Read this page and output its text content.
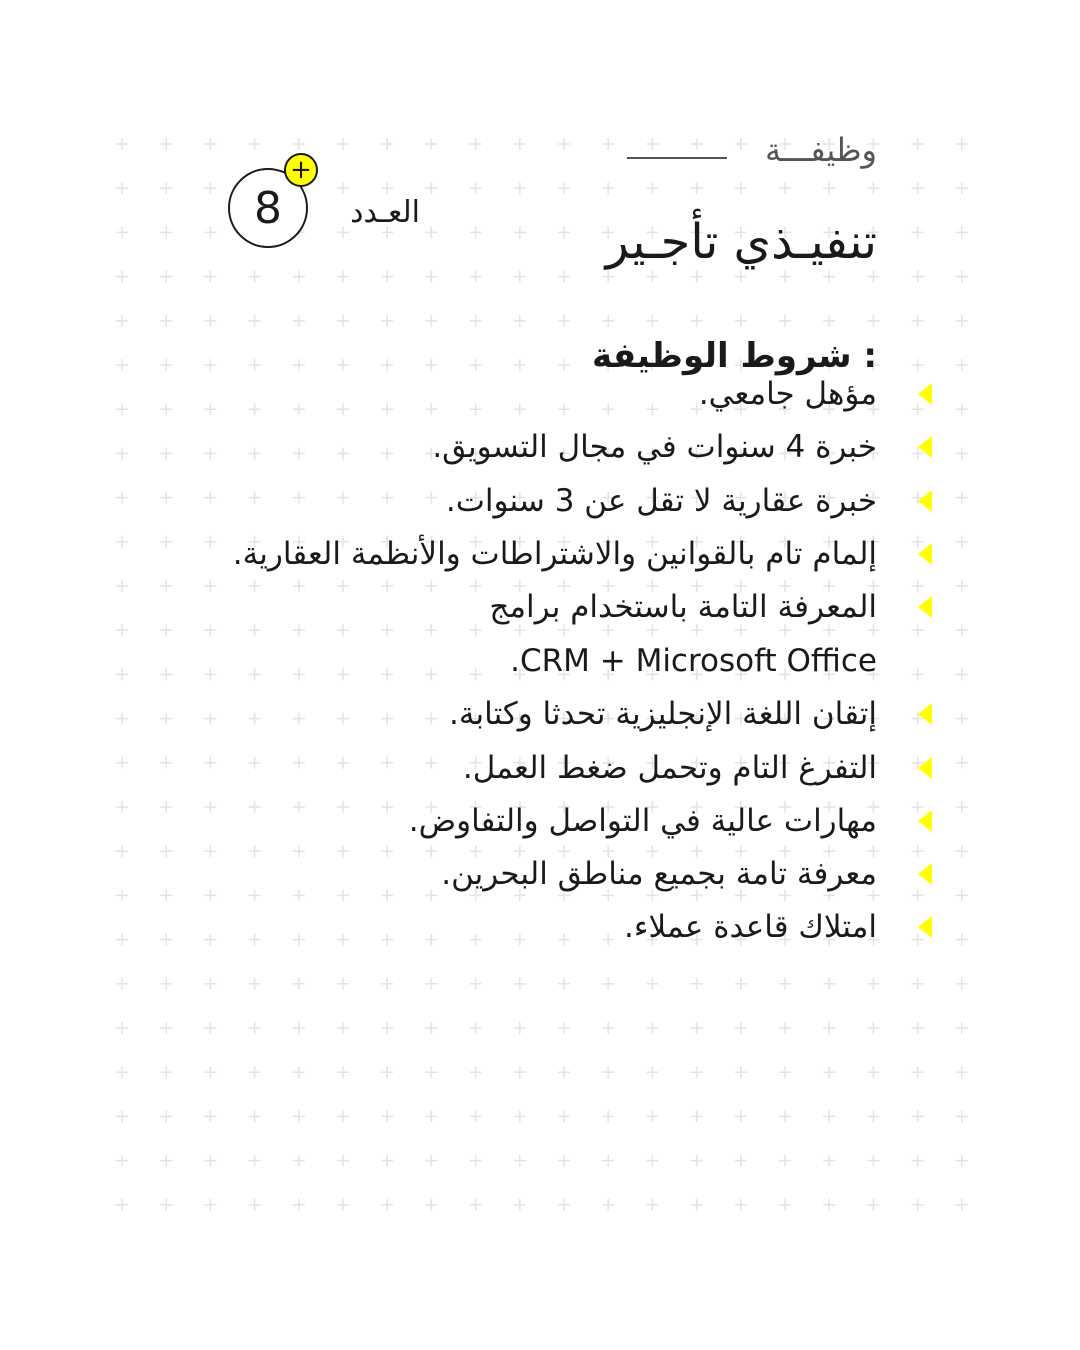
وظيفـــة
تنفيـذي تأجـير
العـدد
8
+
شروط الوظيفة :
مؤهل جامعي.
خبرة 4 سنوات في مجال التسويق.
خبرة عقارية لا تقل عن 3 سنوات.
إلمام تام بالقوانين والاشتراطات والأنظمة العقارية.
المعرفة التامة باستخدام برامج
.CRM + Microsoft Office
إتقان اللغة الإنجليزية تحدثا وكتابة.
التفرغ التام وتحمل ضغط العمل.
مهارات عالية في التواصل والتفاوض.
معرفة تامة بجميع مناطق البحرين.
امتلاك قاعدة عملاء.
